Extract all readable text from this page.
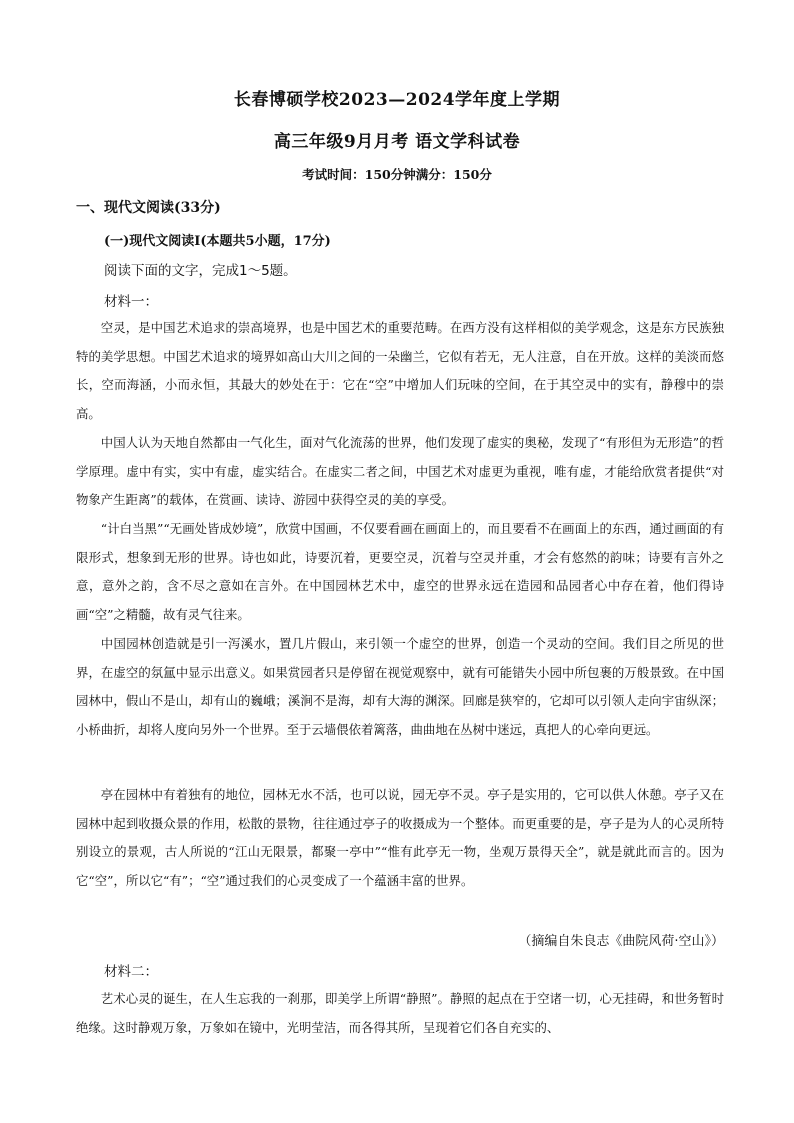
长春博硕学校2023—2024学年度上学期
高三年级9月月考 语文学科试卷
考试时间：150分钟满分：150分
一、现代文阅读(33分)
(一)现代文阅读Ⅰ(本题共5小题，17分)
阅读下面的文字，完成1～5题。
材料一：

空灵，是中国艺术追求的崇高境界，也是中国艺术的重要范畴。在西方没有这样相似的美学观念，这是东方民族独特的美学思想。中国艺术追求的境界如高山大川之间的一朵幽兰，它似有若无，无人注意，自在开放。这样的美淡而悠长，空而海涵，小而永恒，其最大的妙处在于：它在“空”中增加人们玩味的空间，在于其空灵中的实有，静穆中的崇高。

中国人认为天地自然都由一气化生，面对气化流荡的世界，他们发现了虚实的奥秘，发现了“有形但为无形造”的哲学原理。虚中有实，实中有虚，虚实结合。在虚实二者之间，中国艺术对虚更为重视，唯有虚，才能给欣赏者提供“对物象产生距离”的载体，在赏画、读诗、游园中获得空灵的美的享受。

“计白当黑”“无画处皆成妙境”，欣赏中国画，不仅要看画在画面上的，而且要看不在画面上的东西，通过画面的有限形式，想象到无形的世界。诗也如此，诗要沉着，更要空灵，沉着与空灵并重，才会有悠然的韵味；诗要有言外之意，意外之韵，含不尽之意如在言外。在中国园林艺术中，虚空的世界永远在造园和品园者心中存在着，他们得诗画“空”之精髓，故有灵气往来。

中国园林创造就是引一泻溪水，置几片假山，来引领一个虚空的世界，创造一个灵动的空间。我们目之所见的世界，在虚空的氛氲中显示出意义。如果赏园者只是停留在视觉观察中，就有可能错失小园中所包裹的万般景致。在中国园林中，假山不是山，却有山的巍峨；溪涧不是海，却有大海的渊深。回廊是狭窄的，它却可以引领人走向宇宙纵深；小桥曲折，却将人度向另外一个世界。至于云墙偎依着篱落，曲曲地在丛树中迷远，真把人的心牵向更远。

亭在园林中有着独有的地位，园林无水不活，也可以说，园无亭不灵。亭子是实用的，它可以供人休憩。亭子又在园林中起到收摄众景的作用，松散的景物，往往通过亭子的收摄成为一个整体。而更重要的是，亭子是为人的心灵所特别设立的景观，古人所说的“江山无限景，都聚一亭中”“惟有此亭无一物，坐观万景得天全”，就是就此而言的。因为它“空”，所以它“有”；“空”通过我们的心灵变成了一个蕴涵丰富的世界。

（摘编自朱良志《曲院风荷·空山》）
材料二：

艺术心灵的诞生，在人生忘我的一刹那，即美学上所谓“静照”。静照的起点在于空诸一切，心无挂碍，和世务暂时绝缘。这时静观万象，万象如在镜中，光明莹洁，而各得其所，呈现着它们各自充实的、
